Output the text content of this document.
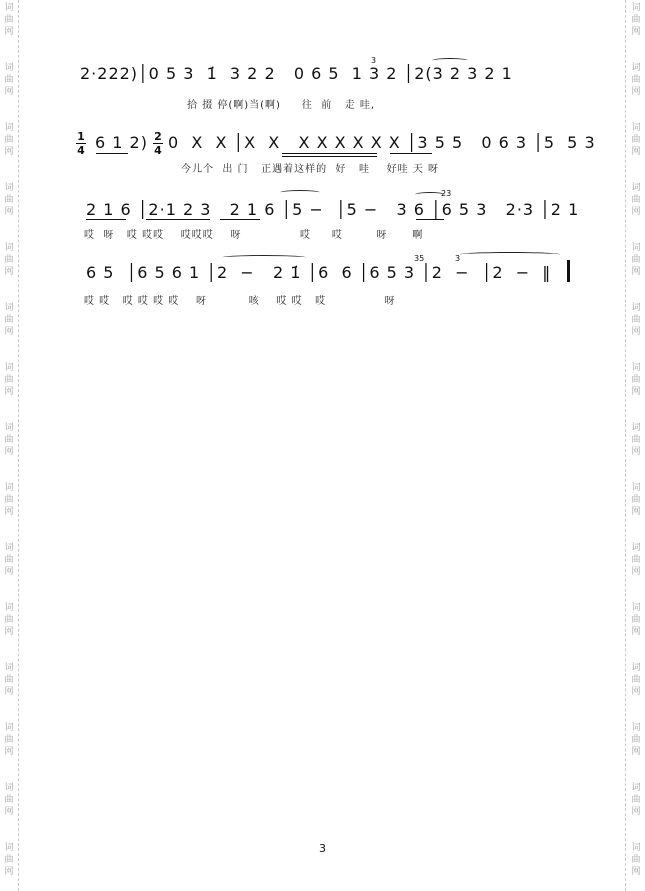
词
曲
网
词
曲
网
词
曲
网
词
曲
网
词
曲
网
词
曲
网
词
曲
网
词
曲
网
词
曲
网
词
曲
网
词
曲
网
词
曲
网
词
曲
网
词
曲
网
词
曲
网
词
曲
网
词
曲
网
词
曲
网
词
曲
网
词
曲
网
词
曲
网
词
曲
网
词
曲
网
词
曲
网
词
曲
网
词
曲
网
词
曲
网
词
曲
网
词
曲
网
词
曲
网
2·222)│0 5 3  1̇  3 2 2   0 6 5  1 3 2 │2(3 2 3 2 1
3
拾 掇 停(啊)当(啊)     往  前   走 哇,
1
4 6 1 2) 2
4 0  X  X │X  X   X X X X X X │3 5 5   0 6 3 │5  5 3
今儿个  出 门   正遇着这样的  好   哇    好哇 天 呀
2 1 6 │2·1 2 3   2 1 6 │5 −  │5 −   3 6 │6 5 3   2·3 │2 1
23
哎  呀   哎 哎哎    哎哎哎    呀              哎     哎        呀      啊
6 5  │6 5 6 1 │2  −   2 1̇ │6  6 │6 5 3 │2  −  │2  −  ‖
35	3
哎 哎   哎 哎 哎 哎    呀          咳    哎 哎   哎              呀
3
